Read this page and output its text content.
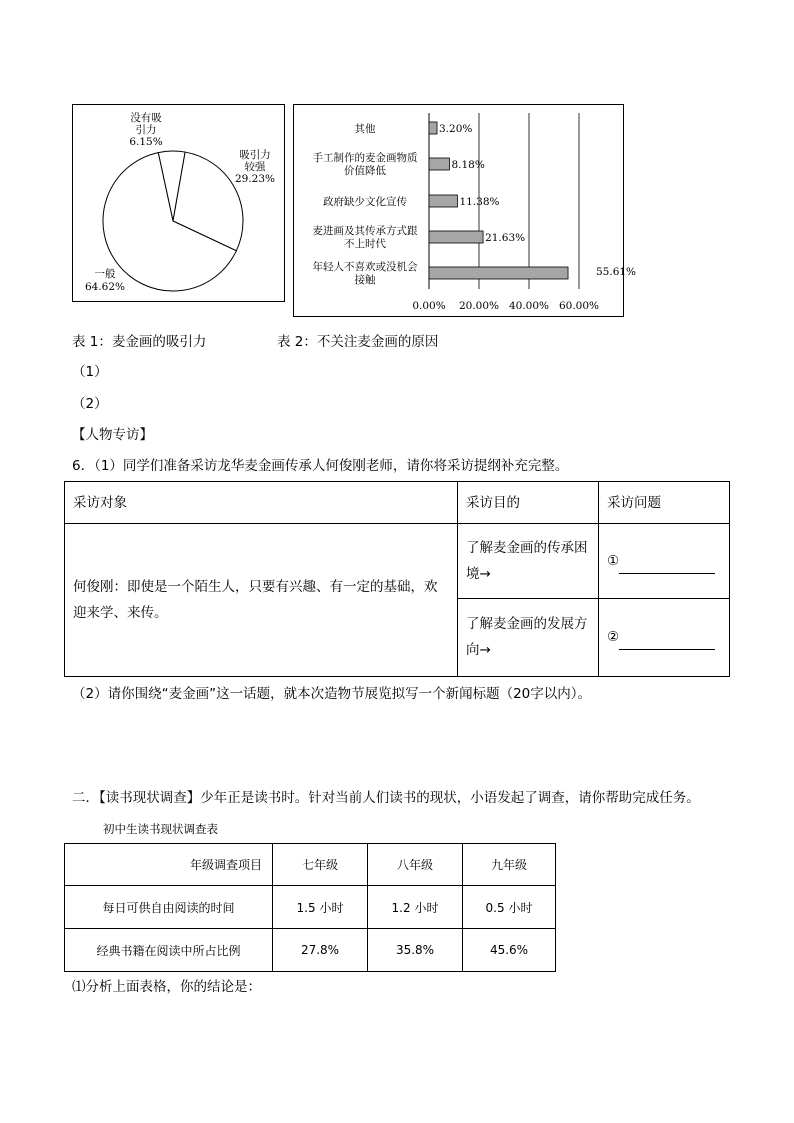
没有吸
引力
6.15%
吸引力
较强
29.23%
一般
64.62%
其他
手工制作的麦金画物质
价值降低
政府缺少文化宣传
麦进画及其传承方式跟
不上时代
年轻人不喜欢或没机会
接触
3.20%
8.18%
11.38%
21.63%
55.61%
0.00% 20.00% 40.00% 60.00%
表 1：麦金画的吸引力	表 2：不关注麦金画的原因
（1）
（2）
【人物专访】
6．（1）同学们准备采访龙华麦金画传承人何俊刚老师，请你将采访提纲补充完整。
采访对象	采访目的	采访问题
何俊刚：即使是一个陌生人，只要有兴趣、有一定的基础，欢迎来学、来传。	了解麦金画的传承困境→	①
	了解麦金画的发展方向→	②
（2）请你围绕“麦金画”这一话题，就本次造物节展览拟写一个新闻标题（20字以内）。
二．【读书现状调查】少年正是读书时。针对当前人们读书的现状，小语发起了调查，请你帮助完成任务。
初中生读书现状调查表
年级调查项目	七年级	八年级	九年级
每日可供自由阅读的时间	1.5 小时	1.2 小时	0.5 小时
经典书籍在阅读中所占比例	27.8%	35.8%	45.6%
⑴分析上面表格，你的结论是：
